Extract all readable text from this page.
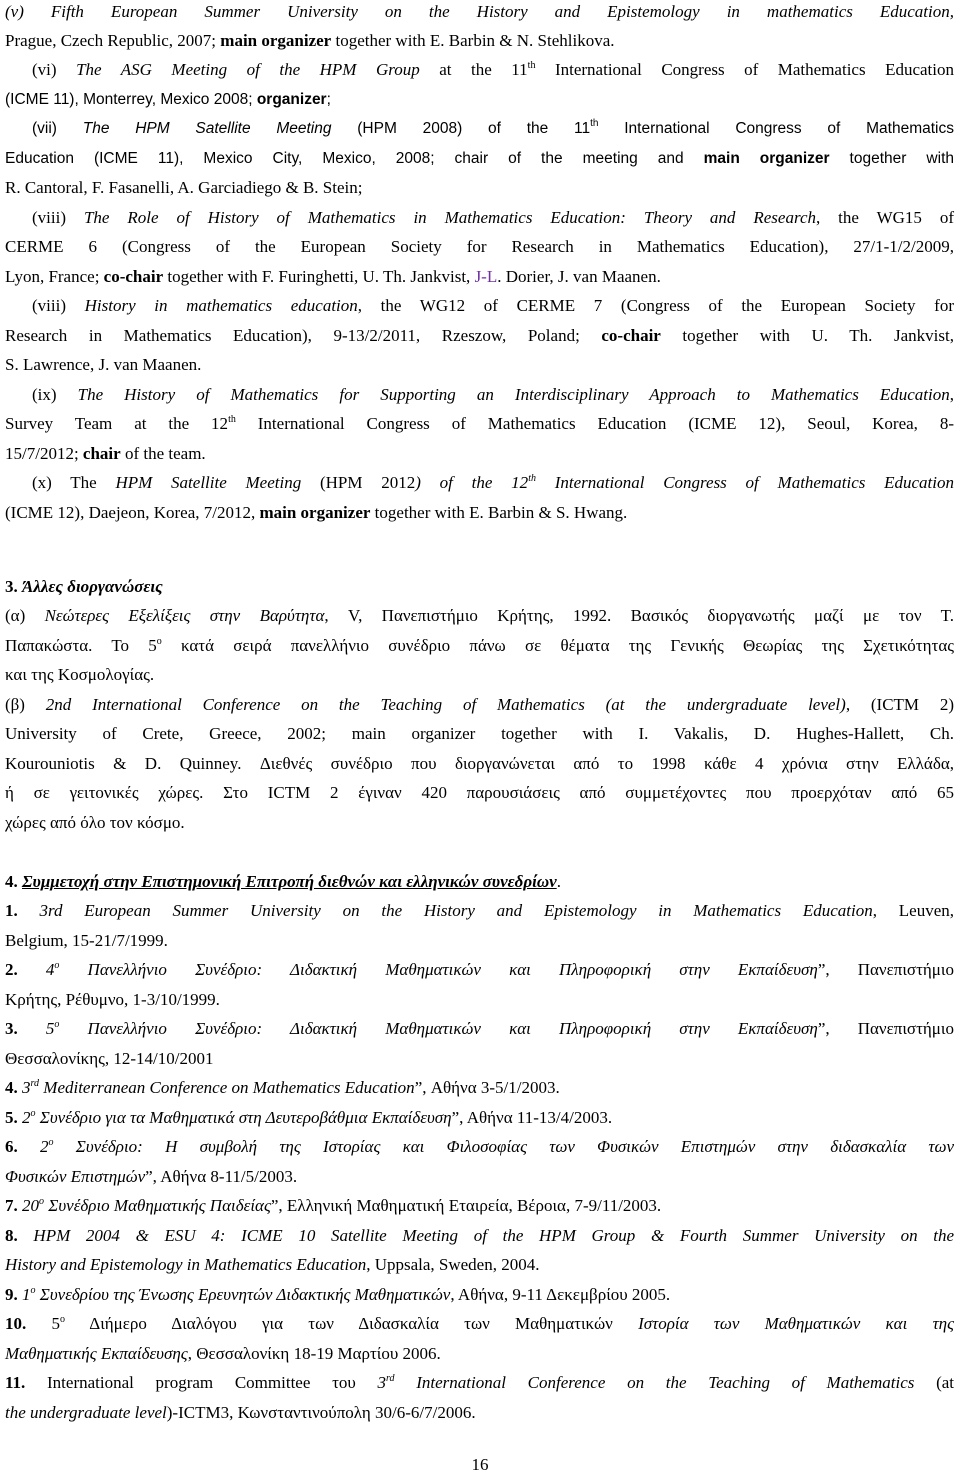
(v) Fifth European Summer University on the History and Epistemology in mathematics Education,
Prague, Czech Republic, 2007; main organizer together with E. Barbin & N. Stehlikova.
(vi) The ASG Meeting of the HPM Group at the 11th International Congress of Mathematics Education
(ICME 11), Monterrey, Mexico 2008; organizer;
(vii) The HPM Satellite Meeting (HPM 2008) of the 11th International Congress of Mathematics
Education (ICME 11), Mexico City, Mexico, 2008; chair of the meeting and main organizer together with
R. Cantoral, F. Fasanelli, A. Garciadiego & B. Stein;
(viii) The Role of History of Mathematics in Mathematics Education: Theory and Research, the WG15 of
CERME 6 (Congress of the European Society for Research in Mathematics Education), 27/1-1/2/2009,
Lyon, France; co-chair together with F. Furinghetti, U. Th. Jankvist, J-L. Dorier, J. van Maanen.
(viii) History in mathematics education, the WG12 of CERME 7 (Congress of the European Society for
Research in Mathematics Education), 9-13/2/2011, Rzeszow, Poland; co-chair together with U. Th. Jankvist,
S. Lawrence, J. van Maanen.
(ix) The History of Mathematics for Supporting an Interdisciplinary Approach to Mathematics Education,
Survey Team at the 12th International Congress of Mathematics Education (ICME 12), Seoul, Korea, 8-
15/7/2012; chair of the team.
(x) The HPM Satellite Meeting (HPM 2012) of the 12th International Congress of Mathematics Education
(ICME 12), Daejeon, Korea, 7/2012, main organizer together with E. Barbin & S. Hwang.
3. Άλλες διοργανώσεις
(α) Νεώτερες Εξελίξεις στην Βαρύτητα, V, Πανεπιστήμιο Κρήτης, 1992. Βασικός διοργανωτής μαζί με τον Τ.
Παπακώστα. Το $5^o$ κατά σειρά πανελλήνιο συνέδριο πάνω σε θέματα της Γενικής Θεωρίας της Σχετικότητας
και της Κοσμολογίας.
(β) 2nd International Conference on the Teaching of Mathematics (at the undergraduate level), (ICTM 2)
University of Crete, Greece, 2002; main organizer together with I. Vakalis, D. Hughes-Hallett, Ch.
Kourouniotis & D. Quinney. Διεθνές συνέδριο που διοργανώνεται από το 1998 κάθε 4 χρόνια στην Ελλάδα,
ή σε γειτονικές χώρες. Στο ICTM 2 έγιναν 420 παρουσιάσεις από συμμετέχοντες που προερχόταν από 65
χώρες από όλο τον κόσμο.
4. Συμμετοχή στην Επιστημονική Επιτροπή διεθνών και ελληνικών συνεδρίων.
1. 3rd European Summer University on the History and Epistemology in Mathematics Education, Leuven,
Belgium, 15-21/7/1999.
2. $4^o$ Πανελλήνιο Συνέδριο: Διδακτική Μαθηματικών και Πληροφορική στην Εκπαίδευση”, Πανεπιστήμιο
Κρήτης, Ρέθυμνο, 1-3/10/1999.
3. $5^o$ Πανελλήνιο Συνέδριο: Διδακτική Μαθηματικών και Πληροφορική στην Εκπαίδευση”, Πανεπιστήμιο
Θεσσαλονίκης, 12-14/10/2001
4. 3rd Mediterranean Conference on Mathematics Education”, Αθήνα 3-5/1/2003.
5. $2^o$ Συνέδριο για τα Μαθηματικά στη Δευτεροβάθμια Εκπαίδευση”, Αθήνα 11-13/4/2003.
6. $2^o$ Συνέδριο: Η συμβολή της Ιστορίας και Φιλοσοφίας των Φυσικών Επιστημών στην διδασκαλία των
Φυσικών Επιστημών”, Αθήνα 8-11/5/2003.
7. $20^o$ Συνέδριο Μαθηματικής Παιδείας”, Ελληνική Μαθηματική Εταιρεία, Βέροια, 7-9/11/2003.
8. HPM 2004 & ESU 4: ICME 10 Satellite Meeting of the HPM Group & Fourth Summer University on the
History and Epistemology in Mathematics Education, Uppsala, Sweden, 2004.
9. $1^o$ Συνεδρίου της Ένωσης Ερευνητών Διδακτικής Μαθηματικών, Αθήνα, 9-11 Δεκεμβρίου 2005.
10. $5^o$ Διήμερο Διαλόγου για των Διδασκαλία των Μαθηματικών Ιστορία των Μαθηματικών και της
Μαθηματικής Εκπαίδευσης, Θεσσαλονίκη 18-19 Μαρτίου 2006.
11. International program Committee του 3rd International Conference on the Teaching of Mathematics (at
the undergraduate level)-ICTM3, Κωνσταντινούπολη 30/6-6/7/2006.
16
